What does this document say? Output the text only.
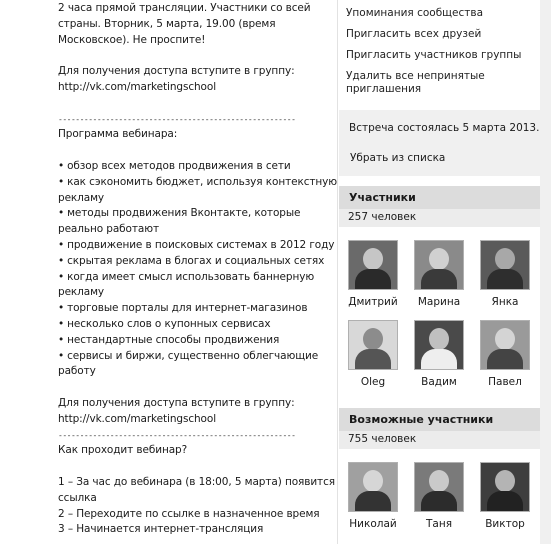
2 часа прямой трансляции. Участники со всей
страны. Вторник, 5 марта, 19.00 (время
Московское). Не проспите!
Для получения доступа вступите в группу:
http://vk.com/marketingschool
-------------------------------------------------------
Программа вебинара:
• обзор всех методов продвижения в сети
• как сэкономить бюджет, используя контекстную
рекламу
• методы продвижения Вконтакте, которые
реально работают
• продвижение в поисковых системах в 2012 году
• скрытая реклама в блогах и социальных сетях
• когда имеет смысл использовать баннерную
рекламу
• торговые порталы для интернет-магазинов
• несколько слов о купонных сервисах
• нестандартные способы продвижения
• сервисы и биржи, существенно облегчающие
работу
Для получения доступа вступите в группу:
http://vk.com/marketingschool
-------------------------------------------------------
Как проходит вебинар?
1 – За час до вебинара (в 18:00, 5 марта) появится
ссылка
2 – Переходите по ссылке в назначенное время
3 – Начинается интернет-трансляция
Упоминания сообщества
Пригласить всех друзей
Пригласить участников группы
Удалить все непринятые приглашения
Встреча состоялась 5 марта 2013.
Убрать из списка
Участники
257 человек
Дмитрий	Марина	Янка
Oleg	Вадим	Павел
Возможные участники
755 человек
Николай	Таня	Виктор
